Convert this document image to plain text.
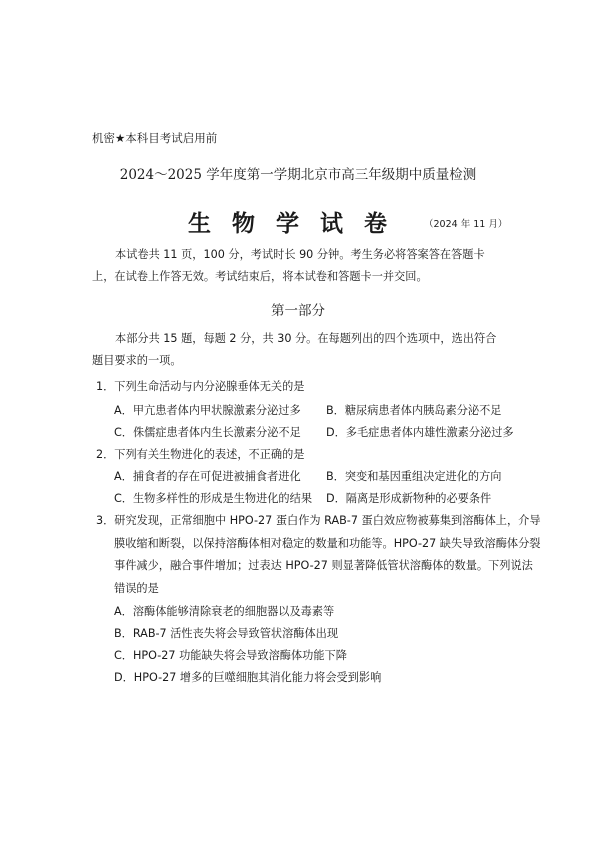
机密★本科目考试启用前
2024～2025 学年度第一学期北京市高三年级期中质量检测
生物学试卷 （2024 年 11 月）
本试卷共 11 页，100 分，考试时长 90 分钟。考生务必将答案答在答题卡上，在试卷上作答无效。考试结束后，将本试卷和答题卡一并交回。
第一部分
本部分共 15 题，每题 2 分，共 30 分。在每题列出的四个选项中，选出符合题目要求的一项。
1．下列生命活动与内分泌腺垂体无关的是
A．甲亢患者体内甲状腺激素分泌过多 B．糖尿病患者体内胰岛素分泌不足
C．侏儒症患者体内生长激素分泌不足 D．多毛症患者体内雄性激素分泌过多
2．下列有关生物进化的表述，不正确的是
A．捕食者的存在可促进被捕食者进化 B．突变和基因重组决定进化的方向
C．生物多样性的形成是生物进化的结果 D．隔离是形成新物种的必要条件
3．研究发现，正常细胞中 HPO-27 蛋白作为 RAB-7 蛋白效应物被募集到溶酶体上，介导
膜收缩和断裂，以保持溶酶体相对稳定的数量和功能等。HPO-27 缺失导致溶酶体分裂
事件减少，融合事件增加；过表达 HPO-27 则显著降低管状溶酶体的数量。下列说法
错误的是
A．溶酶体能够清除衰老的细胞器以及毒素等
B．RAB-7 活性丧失将会导致管状溶酶体出现
C．HPO-27 功能缺失将会导致溶酶体功能下降
D．HPO-27 增多的巨噬细胞其消化能力将会受到影响
